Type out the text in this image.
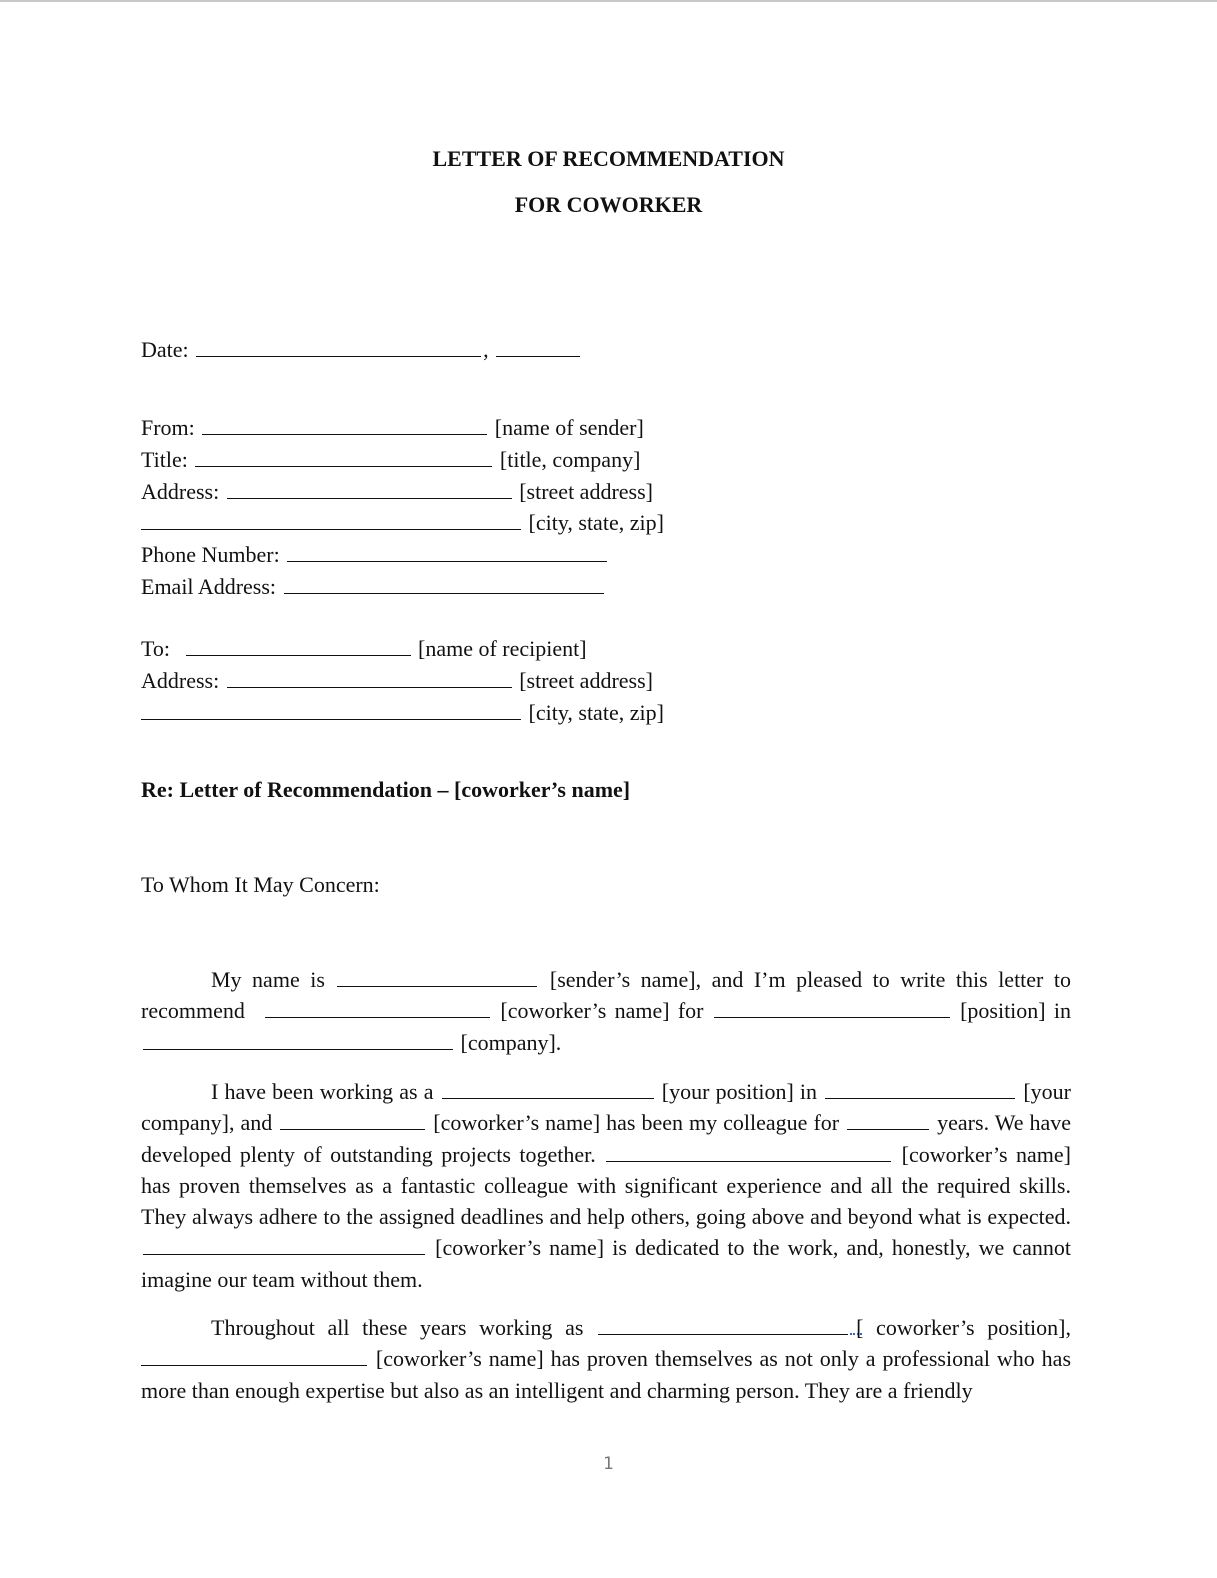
LETTER OF RECOMMENDATION
FOR COWORKER
Date:	,
From:	[name of sender]
Title:	[title, company]
Address:	[street address]
[city, state, zip]
Phone Number:
Email Address:
To:	[name of recipient]
Address:	[street address]
[city, state, zip]
Re: Letter of Recommendation – [coworker’s name]
To Whom It May Concern:
My name is	[sender’s name], and I’m pleased to write this letter to recommend	[coworker’s name] for	[position] in  [company].
I have been working as a	[your position] in	[your company], and	[coworker’s name] has been my colleague for	years. We have developed plenty of outstanding projects together.	[coworker’s name] has proven themselves as a fantastic colleague with significant experience and all the required skills. They always adhere to the assigned deadlines and help others, going above and beyond what is expected.  [coworker’s name] is dedicated to the work, and, honestly, we cannot imagine our team without them.
Throughout all these years working as	[ coworker’s position],  [coworker’s name] has proven themselves as not only a professional who has more than enough expertise but also as an intelligent and charming person. They are a friendly
1
